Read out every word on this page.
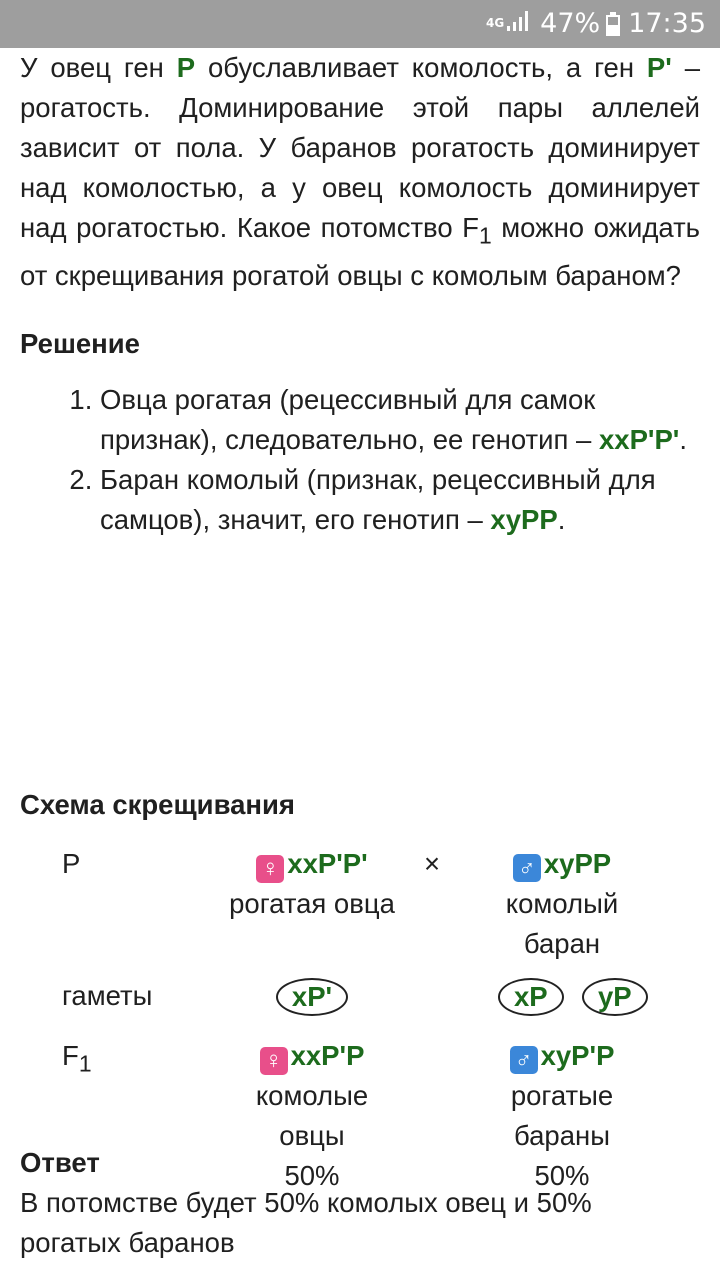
4G 47% 17:35

У овец ген P обуславливает комолость, а ген P' – рогатость. Доминирование этой пары аллелей зависит от пола. У баранов рогатость доминирует над комолостью, а у овец комолость доминирует над рогатостью. Какое потомство $F_1$ можно ожидать от скрещивания рогатой овцы с комолым бараном?

Решение
1. Овца рогатая (рецессивный для самок признак), следовательно, ее генотип – xxP'P'.
2. Баран комолый (признак, рецессивный для самцов), значит, его генотип – xyPP.
Схема скрещивания
P	♀ xxP'P'
рогатая овца
×	♂ xyPP
комолый
баран
гаметы	xP'	xP	yP
$F_1$	♀ xxP'P
комолые
овцы
50%
♂ xyP'P
рогатые
бараны
50%
Ответ

В потомстве будет 50% комолых овец и 50% рогатых баранов
